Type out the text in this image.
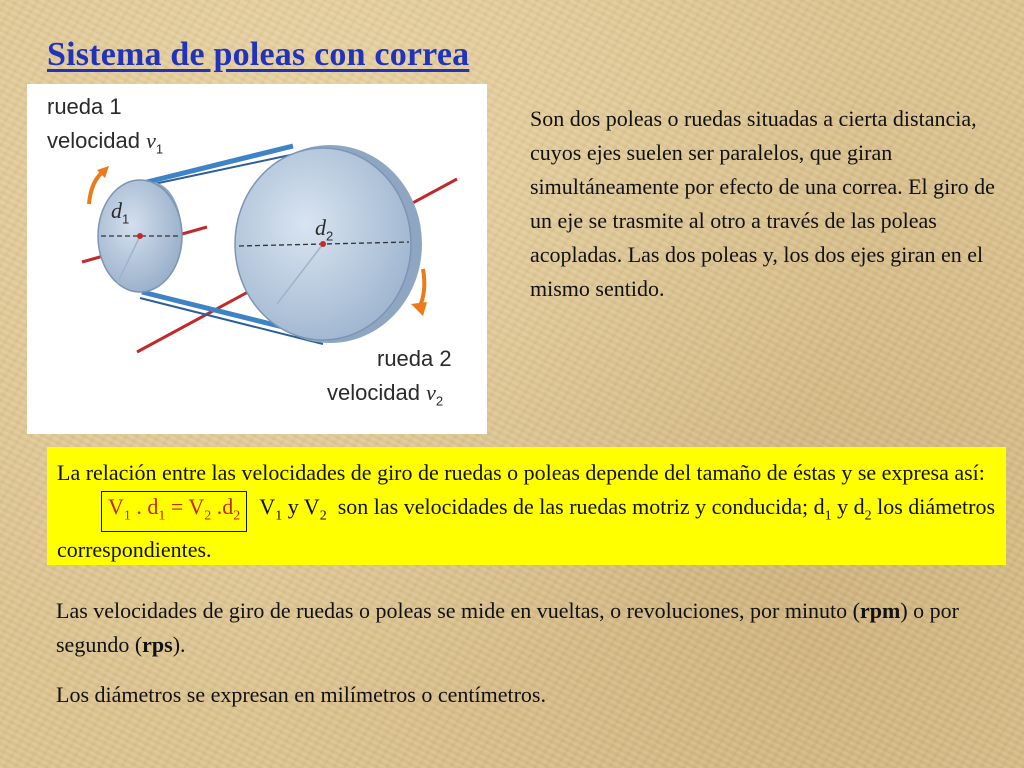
Sistema de poleas con correa
rueda 1
velocidad $v_1$
$d_1$	$d_2$
rueda 2
velocidad $v_2$
Son dos poleas o ruedas situadas a cierta distancia, cuyos ejes suelen ser paralelos, que giran simultáneamente por efecto de una correa. El giro de un eje se trasmite al otro a través de las poleas acopladas. Las dos poleas y, los dos ejes giran en el mismo sentido.
La relación entre las velocidades de giro de ruedas o poleas depende del tamaño de éstas y se expresa $así:V_1$ . $d_1 = V_2$ $.d_2$ $V_1$ y $V_2$  son las velocidades de las ruedas motriz y conducida; $d_1$ y $d_2$ los diámetros correspondientes.
Las velocidades de giro de ruedas o poleas se mide en vueltas, o revoluciones, por minuto (rpm) o por segundo (rps).
Los diámetros se expresan en milímetros o centímetros.
